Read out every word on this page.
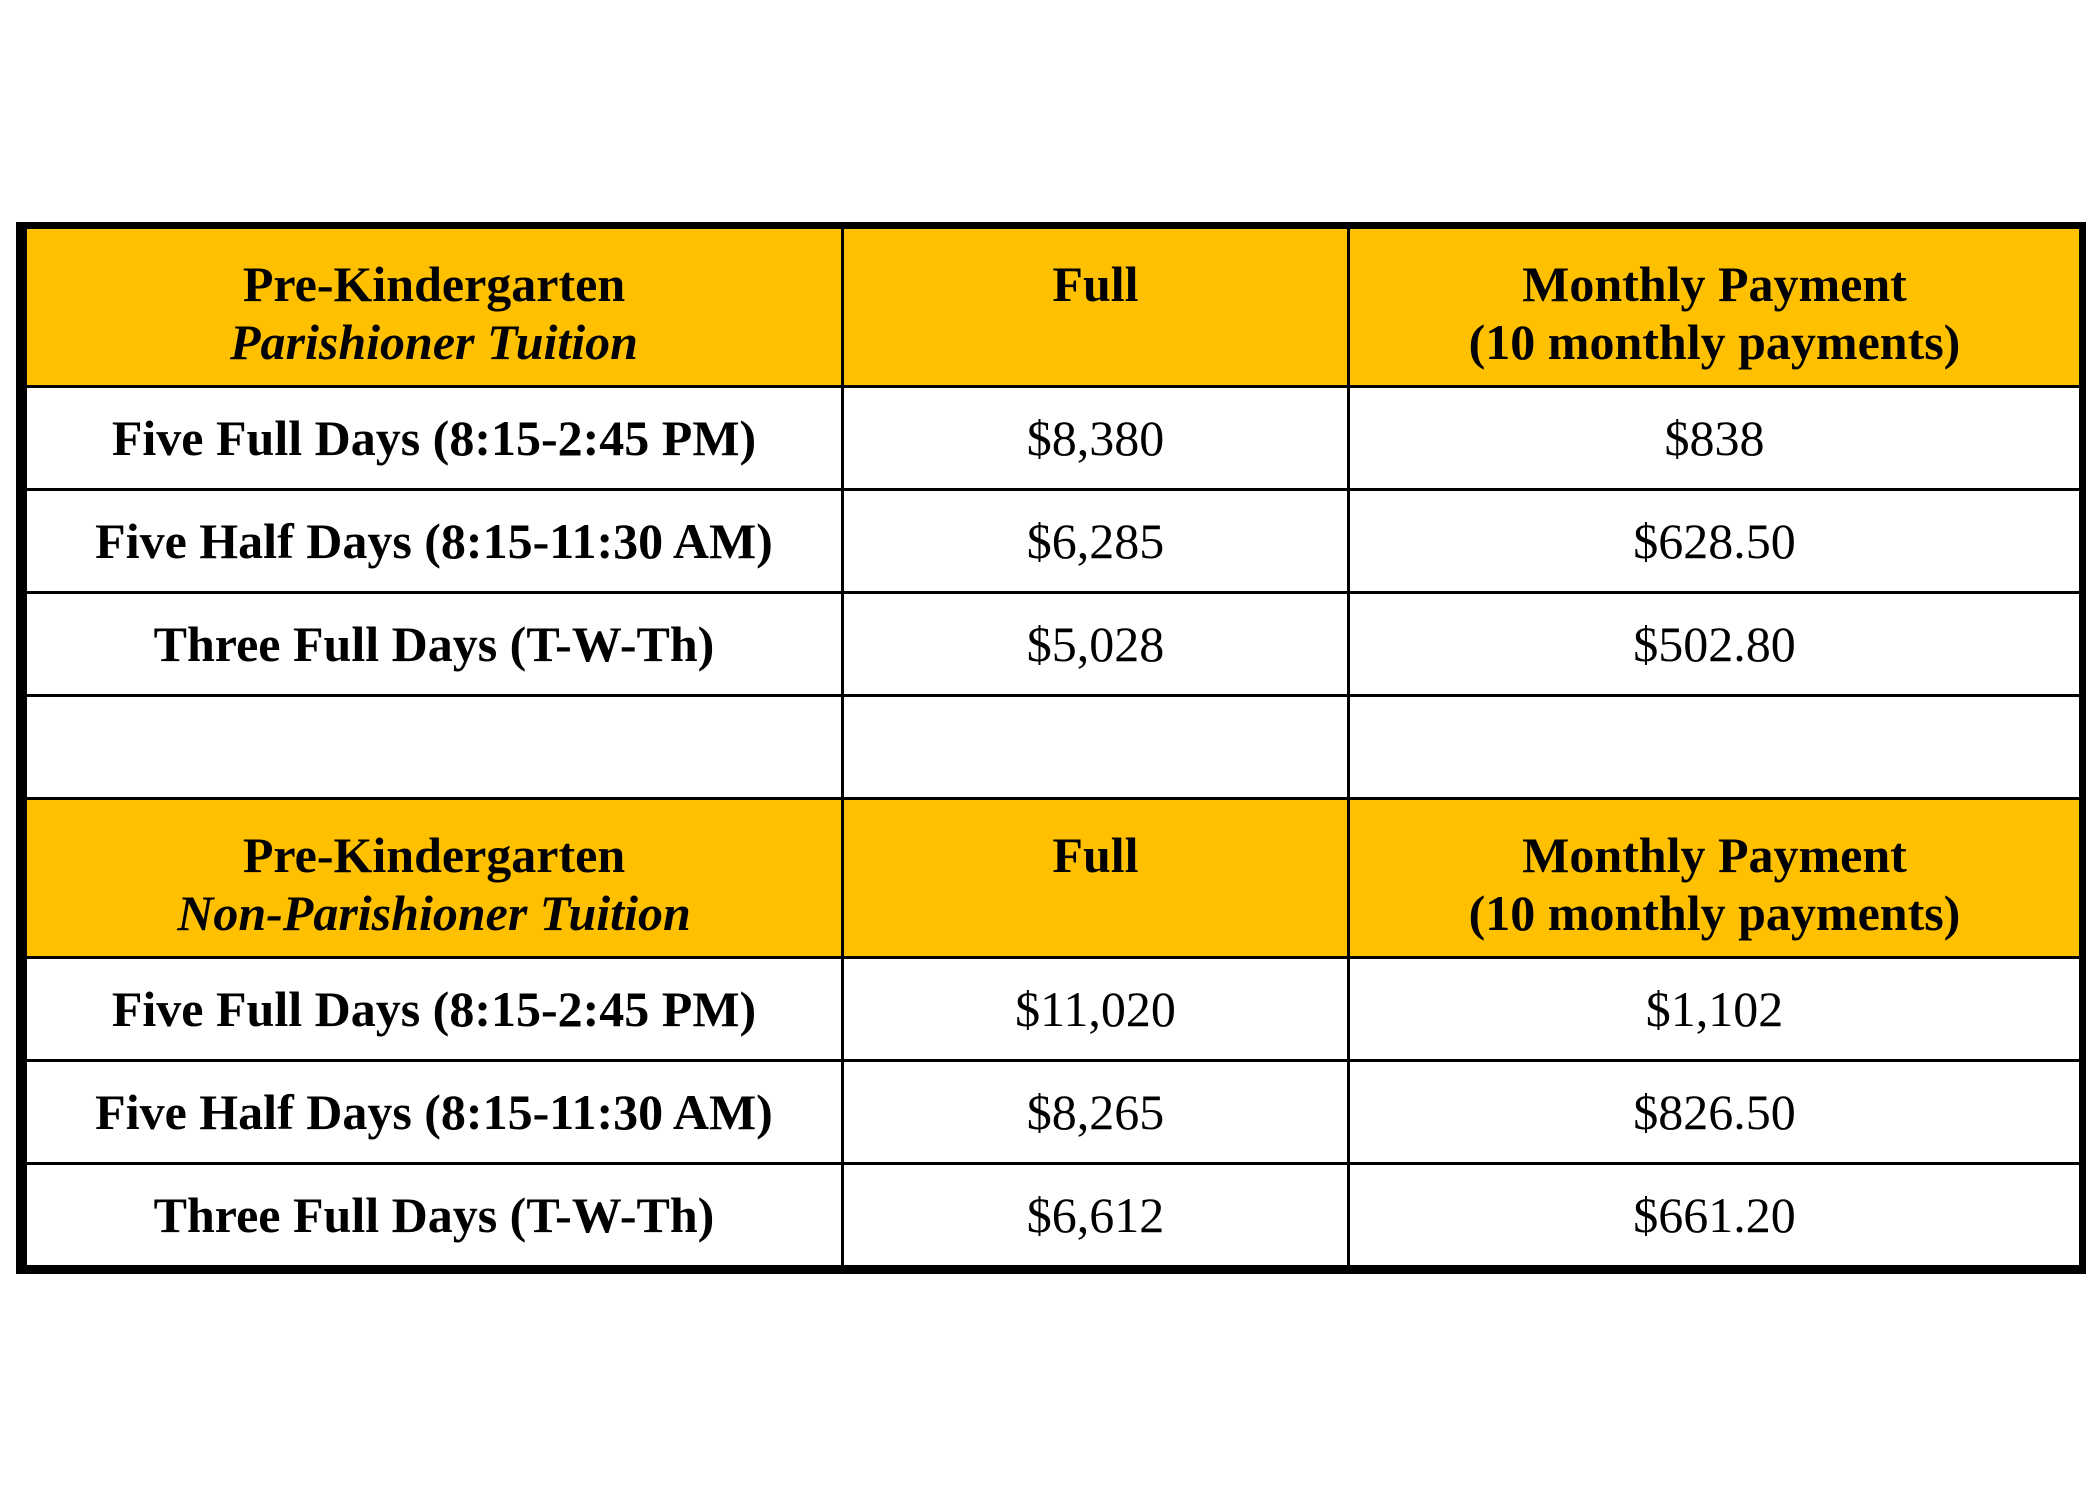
Pre-Kindergarten
Parishioner Tuition	Full	Monthly Payment
(10 monthly payments)

Five Full Days (8:15-2:45 PM)	$8,380	$838
Five Half Days (8:15-11:30 AM)	$6,285	$628.50
Three Full Days (T-W-Th)	$5,028	$502.80

Pre-Kindergarten
Non-Parishioner Tuition	Full	Monthly Payment
(10 monthly payments)

Five Full Days (8:15-2:45 PM)	$11,020	$1,102
Five Half Days (8:15-11:30 AM)	$8,265	$826.50
Three Full Days (T-W-Th)	$6,612	$661.20
